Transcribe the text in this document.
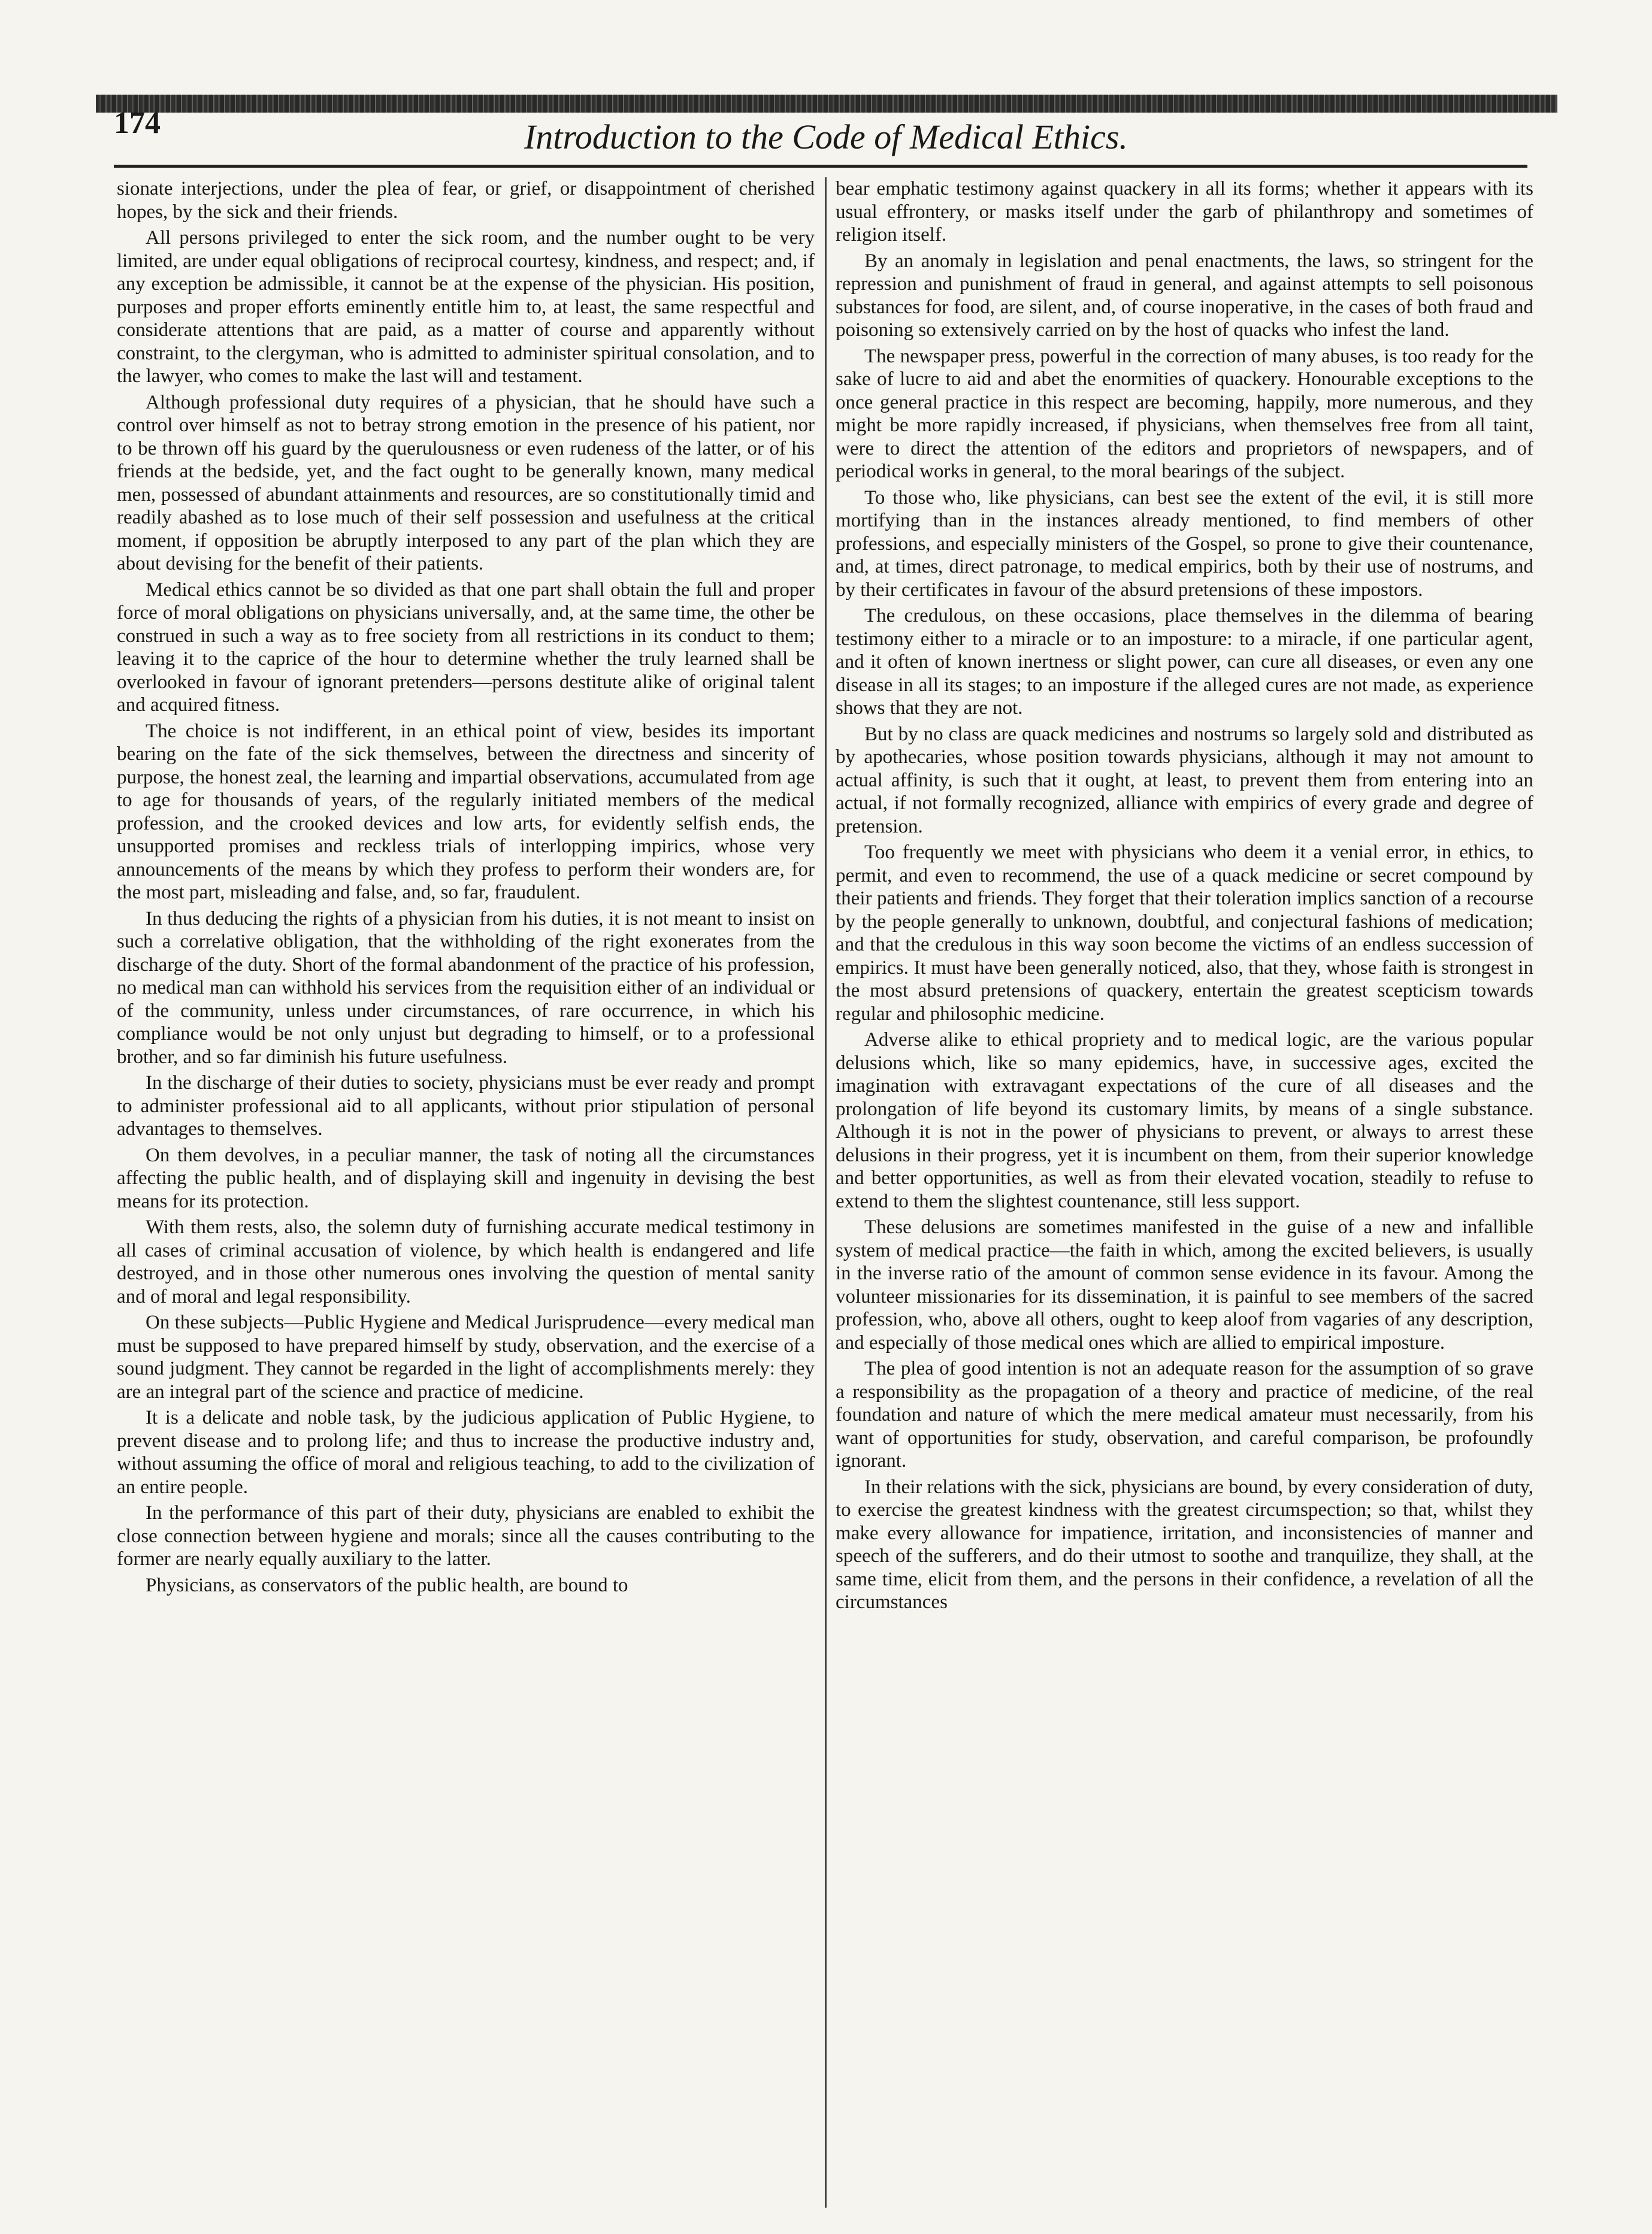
174	Introduction to the Code of Medical Ethics.

sionate interjections, under the plea of fear, or grief, or disappointment of cherished hopes, by the sick and their friends.

All persons privileged to enter the sick room, and the number ought to be very limited, are under equal obligations of reciprocal courtesy, kindness, and respect; and, if any exception be admissible, it cannot be at the expense of the physician. His position, purposes and proper efforts eminently entitle him to, at least, the same respectful and considerate attentions that are paid, as a matter of course and apparently without constraint, to the clergyman, who is admitted to administer spiritual consolation, and to the lawyer, who comes to make the last will and testament.

Although professional duty requires of a physician, that he should have such a control over himself as not to betray strong emotion in the presence of his patient, nor to be thrown off his guard by the querulousness or even rudeness of the latter, or of his friends at the bedside, yet, and the fact ought to be generally known, many medical men, possessed of abundant attainments and resources, are so constitutionally timid and readily abashed as to lose much of their self possession and usefulness at the critical moment, if opposition be abruptly interposed to any part of the plan which they are about devising for the benefit of their patients.

Medical ethics cannot be so divided as that one part shall obtain the full and proper force of moral obligations on physicians universally, and, at the same time, the other be construed in such a way as to free society from all restrictions in its conduct to them; leaving it to the caprice of the hour to determine whether the truly learned shall be overlooked in favour of ignorant pretenders—persons destitute alike of original talent and acquired fitness.

The choice is not indifferent, in an ethical point of view, besides its important bearing on the fate of the sick themselves, between the directness and sincerity of purpose, the honest zeal, the learning and impartial observations, accumulated from age to age for thousands of years, of the regularly initiated members of the medical profession, and the crooked devices and low arts, for evidently selfish ends, the unsupported promises and reckless trials of interlopping impirics, whose very announcements of the means by which they profess to perform their wonders are, for the most part, misleading and false, and, so far, fraudulent.

In thus deducing the rights of a physician from his duties, it is not meant to insist on such a correlative obligation, that the withholding of the right exonerates from the discharge of the duty. Short of the formal abandonment of the practice of his profession, no medical man can withhold his services from the requisition either of an individual or of the community, unless under circumstances, of rare occurrence, in which his compliance would be not only unjust but degrading to himself, or to a professional brother, and so far diminish his future usefulness.

In the discharge of their duties to society, physicians must be ever ready and prompt to administer professional aid to all applicants, without prior stipulation of personal advantages to themselves.

On them devolves, in a peculiar manner, the task of noting all the circumstances affecting the public health, and of displaying skill and ingenuity in devising the best means for its protection.

With them rests, also, the solemn duty of furnishing accurate medical testimony in all cases of criminal accusation of violence, by which health is endangered and life destroyed, and in those other numerous ones involving the question of mental sanity and of moral and legal responsibility.

On these subjects—Public Hygiene and Medical Jurisprudence—every medical man must be supposed to have prepared himself by study, observation, and the exercise of a sound judgment. They cannot be regarded in the light of accomplishments merely: they are an integral part of the science and practice of medicine.

It is a delicate and noble task, by the judicious application of Public Hygiene, to prevent disease and to prolong life; and thus to increase the productive industry and, without assuming the office of moral and religious teaching, to add to the civilization of an entire people.

In the performance of this part of their duty, physicians are enabled to exhibit the close connection between hygiene and morals; since all the causes contributing to the former are nearly equally auxiliary to the latter.

Physicians, as conservators of the public health, are bound to

bear emphatic testimony against quackery in all its forms; whether it appears with its usual effrontery, or masks itself under the garb of philanthropy and sometimes of religion itself.

By an anomaly in legislation and penal enactments, the laws, so stringent for the repression and punishment of fraud in general, and against attempts to sell poisonous substances for food, are silent, and, of course inoperative, in the cases of both fraud and poisoning so extensively carried on by the host of quacks who infest the land.

The newspaper press, powerful in the correction of many abuses, is too ready for the sake of lucre to aid and abet the enormities of quackery. Honourable exceptions to the once general practice in this respect are becoming, happily, more numerous, and they might be more rapidly increased, if physicians, when themselves free from all taint, were to direct the attention of the editors and proprietors of newspapers, and of periodical works in general, to the moral bearings of the subject.

To those who, like physicians, can best see the extent of the evil, it is still more mortifying than in the instances already mentioned, to find members of other professions, and especially ministers of the Gospel, so prone to give their countenance, and, at times, direct patronage, to medical empirics, both by their use of nostrums, and by their certificates in favour of the absurd pretensions of these impostors.

The credulous, on these occasions, place themselves in the dilemma of bearing testimony either to a miracle or to an imposture: to a miracle, if one particular agent, and it often of known inertness or slight power, can cure all diseases, or even any one disease in all its stages; to an imposture if the alleged cures are not made, as experience shows that they are not.

But by no class are quack medicines and nostrums so largely sold and distributed as by apothecaries, whose position towards physicians, although it may not amount to actual affinity, is such that it ought, at least, to prevent them from entering into an actual, if not formally recognized, alliance with empirics of every grade and degree of pretension.

Too frequently we meet with physicians who deem it a venial error, in ethics, to permit, and even to recommend, the use of a quack medicine or secret compound by their patients and friends. They forget that their toleration implics sanction of a recourse by the people generally to unknown, doubtful, and conjectural fashions of medication; and that the credulous in this way soon become the victims of an endless succession of empirics. It must have been generally noticed, also, that they, whose faith is strongest in the most absurd pretensions of quackery, entertain the greatest scepticism towards regular and philosophic medicine.

Adverse alike to ethical propriety and to medical logic, are the various popular delusions which, like so many epidemics, have, in successive ages, excited the imagination with extravagant expectations of the cure of all diseases and the prolongation of life beyond its customary limits, by means of a single substance. Although it is not in the power of physicians to prevent, or always to arrest these delusions in their progress, yet it is incumbent on them, from their superior knowledge and better opportunities, as well as from their elevated vocation, steadily to refuse to extend to them the slightest countenance, still less support.

These delusions are sometimes manifested in the guise of a new and infallible system of medical practice—the faith in which, among the excited believers, is usually in the inverse ratio of the amount of common sense evidence in its favour. Among the volunteer missionaries for its dissemination, it is painful to see members of the sacred profession, who, above all others, ought to keep aloof from vagaries of any description, and especially of those medical ones which are allied to empirical imposture.

The plea of good intention is not an adequate reason for the assumption of so grave a responsibility as the propagation of a theory and practice of medicine, of the real foundation and nature of which the mere medical amateur must necessarily, from his want of opportunities for study, observation, and careful comparison, be profoundly ignorant.

In their relations with the sick, physicians are bound, by every consideration of duty, to exercise the greatest kindness with the greatest circumspection; so that, whilst they make every allowance for impatience, irritation, and inconsistencies of manner and speech of the sufferers, and do their utmost to soothe and tranquilize, they shall, at the same time, elicit from them, and the persons in their confidence, a revelation of all the circumstances
